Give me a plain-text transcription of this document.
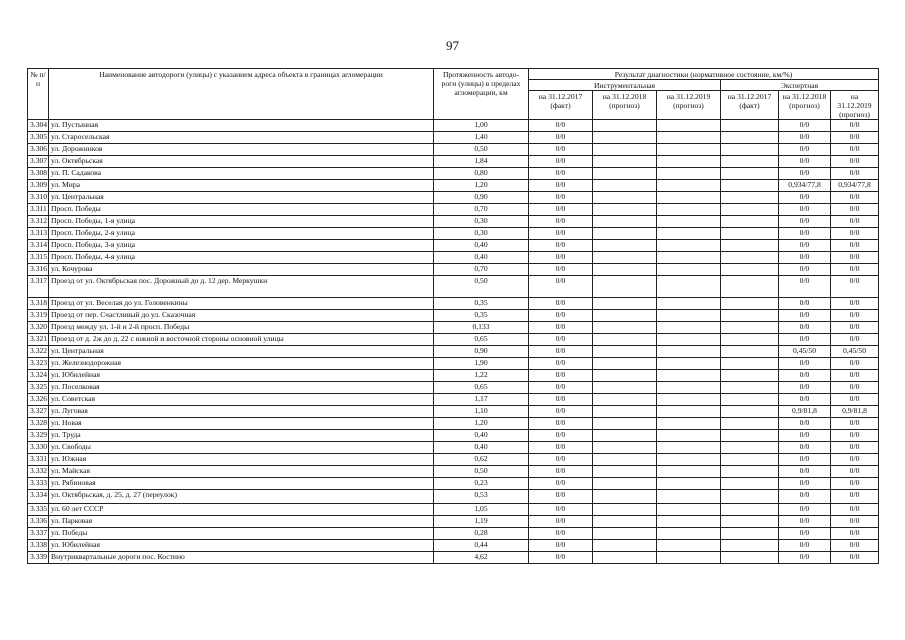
97
№ п/п	Наименование автодороги (улицы) с указанием адреса объекта в границах агломерации	Протяженность автодо-роги (улицы) в пределах агломерации, км	Результат диагностики (нормативное состояние, км/%)					
			Инструментальная			Экспертная		
			на 31.12.2017 (факт)	на 31.12.2018 (прогноз)	на 31.12.2019 (прогноз)	на 31.12.2017 (факт)	на 31.12.2018 (прогноз)	на 31.12.2019 (прогноз)
3.304	ул. Пустынная	1,00	0/0				0/0	0/0
3.305	ул. Старосельская	1,40	0/0				0/0	0/0
3.306	ул. Дорожников	0,50	0/0				0/0	0/0
3.307	ул. Октябрьская	1,84	0/0				0/0	0/0
3.308	ул. П. Садакова	0,80	0/0				0/0	0/0
3.309	ул. Мира	1,20	0/0				0,934/77,8	0,934/77,8
3.310	ул. Центральная	0,90	0/0				0/0	0/0
3.311	Просп. Победы	0,70	0/0				0/0	0/0
3.312	Просп. Победы, 1-я улица	0,30	0/0				0/0	0/0
3.313	Просп. Победы, 2-я улица	0,30	0/0				0/0	0/0
3.314	Просп. Победы, 3-я улица	0,40	0/0				0/0	0/0
3.315	Просп. Победы, 4-я улица	0,40	0/0				0/0	0/0
3.316	ул. Кочурова	0,70	0/0				0/0	0/0
3.317	Проезд от ул. Октябрьская пос. Дорожный до д. 12 дер. Меркушки	0,50	0/0				0/0	0/0
3.318	Проезд от ул. Веселая до ул. Головенкины	0,35	0/0				0/0	0/0
3.319	Проезд от пер. Счастливый до ул. Сказочная	0,35	0/0				0/0	0/0
3.320	Проезд между ул. 1-й и 2-й просп. Победы	0,133	0/0				0/0	0/0
3.321	Проезд от д. 2ж до д. 22 с южной и восточной стороны основной улицы	0,65	0/0				0/0	0/0
3.322	ул. Центральная	0,90	0/0				0,45/50	0,45/50
3.323	ул. Железнодорожная	1,90	0/0				0/0	0/0
3.324	ул. Юбилейная	1,22	0/0				0/0	0/0
3.325	ул. Поселковая	0,65	0/0				0/0	0/0
3.326	ул. Советская	1,17	0/0				0/0	0/0
3.327	ул. Луговая	1,10	0/0				0,9/81,8	0,9/81,8
3.328	ул. Новая	1,20	0/0				0/0	0/0
3.329	ул. Труда	0,40	0/0				0/0	0/0
3.330	ул. Свободы	0,40	0/0				0/0	0/0
3.331	ул. Южная	0,62	0/0				0/0	0/0
3.332	ул. Майская	0,50	0/0				0/0	0/0
3.333	ул. Рябиновая	0,23	0/0				0/0	0/0
3.334	ул. Октябрьская, д. 25, д. 27 (переулок)	0,53	0/0				0/0	0/0
3.335	ул. 60 лет СССР	1,05	0/0				0/0	0/0
3.336	ул. Парковая	1,19	0/0				0/0	0/0
3.337	ул. Победы	0,28	0/0				0/0	0/0
3.338	ул. Юбилейная	0,44	0/0				0/0	0/0
3.339	Внутриквартальные дороги пос. Костино	4,62	0/0				0/0	0/0
